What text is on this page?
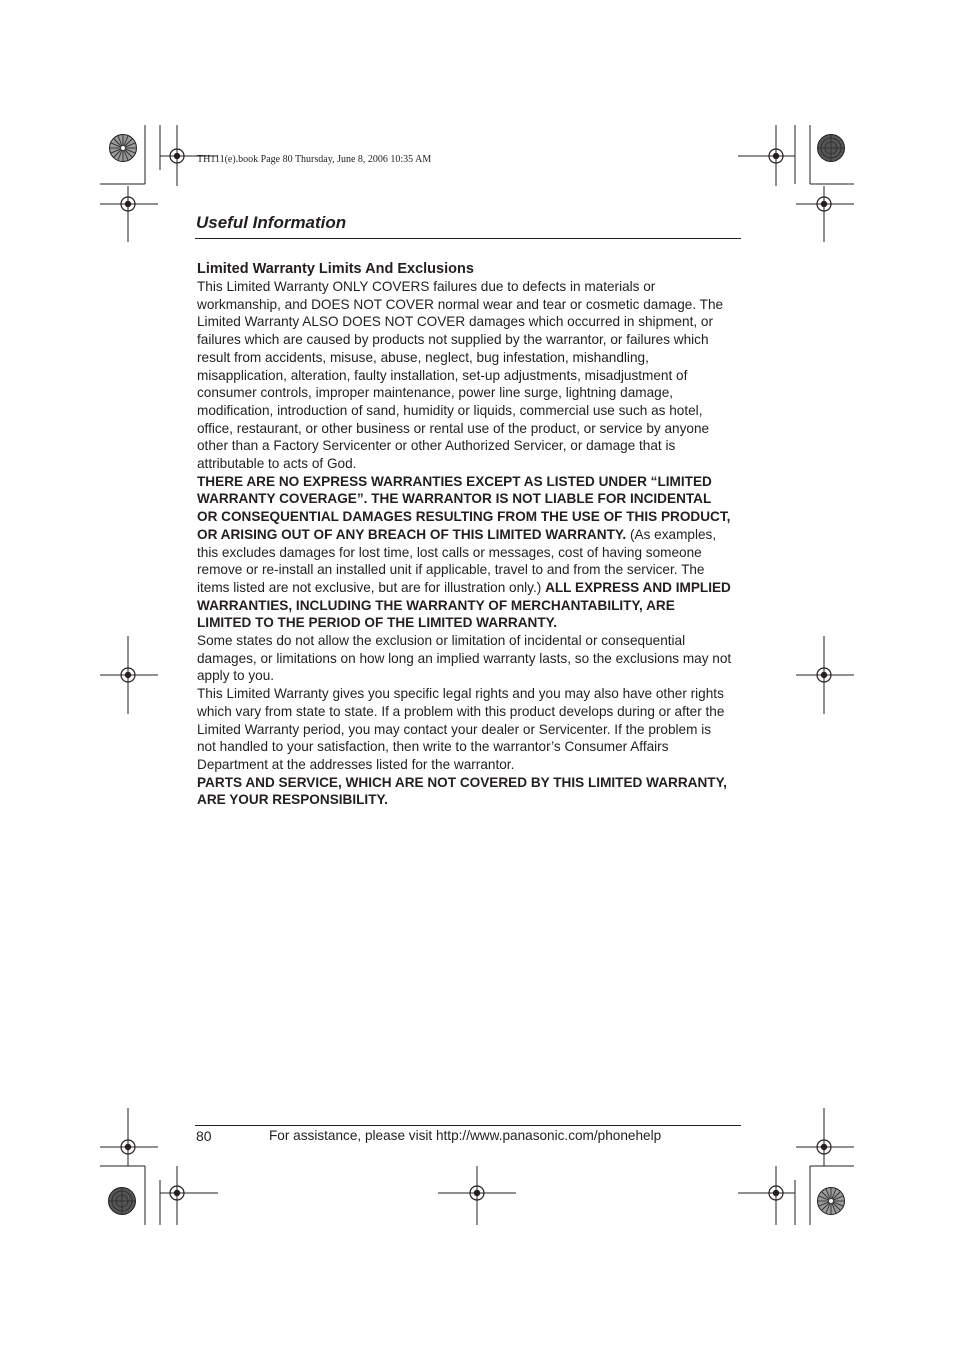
TH111(e).book Page 80 Thursday, June 8, 2006 10:35 AM
Useful Information

Limited Warranty Limits And Exclusions

This Limited Warranty ONLY COVERS failures due to defects in materials or workmanship, and DOES NOT COVER normal wear and tear or cosmetic damage. The Limited Warranty ALSO DOES NOT COVER damages which occurred in shipment, or failures which are caused by products not supplied by the warrantor, or failures which result from accidents, misuse, abuse, neglect, bug infestation, mishandling, misapplication, alteration, faulty installation, set-up adjustments, misadjustment of consumer controls, improper maintenance, power line surge, lightning damage, modification, introduction of sand, humidity or liquids, commercial use such as hotel, office, restaurant, or other business or rental use of the product, or service by anyone other than a Factory Servicenter or other Authorized Servicer, or damage that is attributable to acts of God.

THERE ARE NO EXPRESS WARRANTIES EXCEPT AS LISTED UNDER “LIMITED WARRANTY COVERAGE”. THE WARRANTOR IS NOT LIABLE FOR INCIDENTAL OR CONSEQUENTIAL DAMAGES RESULTING FROM THE USE OF THIS PRODUCT, OR ARISING OUT OF ANY BREACH OF THIS LIMITED WARRANTY. (As examples, this excludes damages for lost time, lost calls or messages, cost of having someone remove or re-install an installed unit if applicable, travel to and from the servicer. The items listed are not exclusive, but are for illustration only.) ALL EXPRESS AND IMPLIED WARRANTIES, INCLUDING THE WARRANTY OF MERCHANTABILITY, ARE LIMITED TO THE PERIOD OF THE LIMITED WARRANTY.

Some states do not allow the exclusion or limitation of incidental or consequential damages, or limitations on how long an implied warranty lasts, so the exclusions may not apply to you.

This Limited Warranty gives you specific legal rights and you may also have other rights which vary from state to state. If a problem with this product develops during or after the Limited Warranty period, you may contact your dealer or Servicenter. If the problem is not handled to your satisfaction, then write to the warrantor’s Consumer Affairs Department at the addresses listed for the warrantor.

PARTS AND SERVICE, WHICH ARE NOT COVERED BY THIS LIMITED WARRANTY, ARE YOUR RESPONSIBILITY.

80	For assistance, please visit http://www.panasonic.com/phonehelp
